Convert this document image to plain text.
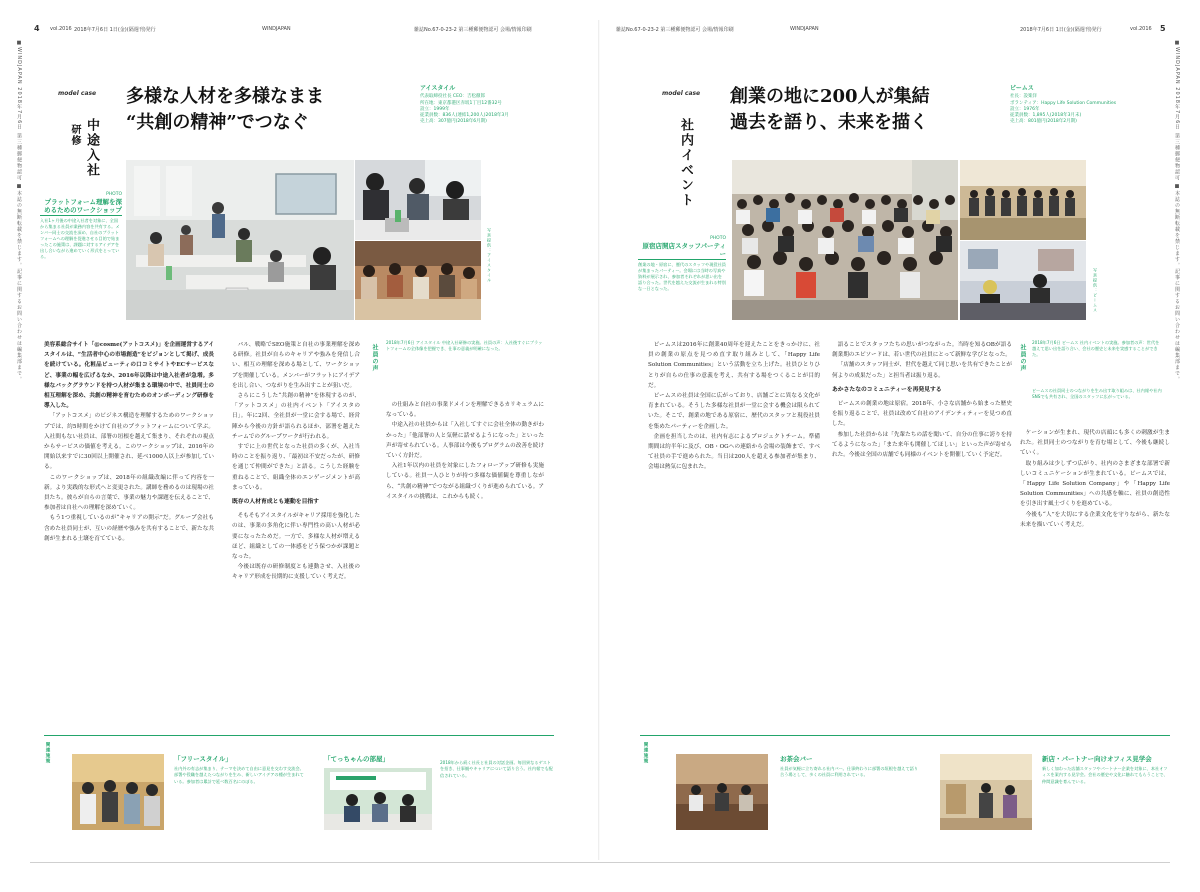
4 vol.2016 2018年7月6日 1日(金)(隔週刊)発行	WINDJAPAN	雑誌No.67-0-23-2 第三種郵便物認可 会場/情報印刷
■WINDJAPAN 2018年7月6日 第三種郵便物認可 ■本誌の無断転載を禁じます。記事に関するお問い合わせは編集部まで。	model case
中途入社
研修
多様な人材を多様なまま
“共創の精神”でつなぐ
アイスタイル
代表取締役社長 CEO：吉松徹郎
所在地：東京都港区赤坂1丁目12番32号
設立：1999年
従業員数：836人(連結1,200人)2018年3月
売上高：307億円(2018年6月期)
PHOTO
プラットフォーム理解を深めるためのワークショップ
入社1ヶ月後の中途入社者を対象に、全国から集まる社員が業務内容を共有する。メンバー同士の交流を深め、自社のプラットフォームへの理解を促進させる目的で始まったこの施策は、課題に対するアイデアを出し合いながら進めていく形式をとっている。	写真提供：アイスタイル

美容系総合サイト「@cosme(アットコスメ)」を企画運営するアイスタイルは、“生活者中心の市場創造”をビジョンとして掲げ、成長を続けている。化粧品ビューティの口コミサイトやECサービスなど、事業の幅を広げるなか、2016年以降は中途入社者が急増。多様なバックグラウンドを持つ人材が集まる環境の中で、社員同士の相互理解を深め、共創の精神を育むためのオンボーディング研修を導入した。

「アットコスメ」のビジネス構造を理解するためのワークショップでは、約5時間をかけて自社のプラットフォームについて学ぶ。入社間もない社員は、部署の垣根を越えて集まり、それぞれの視点からサービスの価値を考える。このワークショップは、2016年の開始以来すでに30回以上開催され、延べ1000人以上が参加している。

このワークショップは、2018年の組織改編に伴って内容を一新。より実践的な形式へと変更された。講師を務めるのは現場の社員たち。彼らが自らの言葉で、事業の魅力や課題を伝えることで、参加者は自社への理解を深めていく。

もう1つ重視しているのが“キャリアの開示”だ。グループ会社も含めた社員同士が、互いの経歴や強みを共有することで、新たな共創が生まれる土壌を育てている。

バル、戦略でSEO施策と自社の事業理解を深める研修。社員が自らのキャリアや強みを発信し合い、相互の理解を深める場として、ワークショップを開催している。メンバーがフラットにアイデアを出し合い、つながりを生み出すことが狙いだ。

さらにこうした“共創の精神”を体現するのが、「アットコスメ」の社内イベント「アイスタの日」。年に2回、全社員が一堂に会する場で、経営陣から今後の方針が語られるほか、部署を越えたチームでのグループワークが行われる。

すでに上の世代となった社員の多くが、入社当時のことを振り返り、「最初は不安だったが、研修を通じて仲間ができた」と語る。こうした経験を重ねることで、組織全体のエンゲージメントが高まっている。

既存の人材育成とも連動を目指す

そもそもアイスタイルがキャリア採用を強化したのは、事業の多角化に伴い専門性の高い人材が必要になったためだ。一方で、多様な人材が増えるほど、組織としての一体感をどう保つかが課題となった。

今後は既存の研修制度とも連動させ、入社後のキャリア形成を長期的に支援していく考えだ。

社員の声
2018年7月6日 アイスタイル 中途入社研修の実施。社員の声：入社後すぐにプラットフォームの全体像を把握でき、仕事の意義が明確になった。

の仕組みと自社の事業ドメインを理解できるカリキュラムになっている。

中途入社の社員からは「入社してすぐに会社全体の動きがわかった」「他部署の人と気軽に話せるようになった」といった声が寄せられている。人事部は今後もプログラムの改善を続けていく方針だ。

入社1年以内の社員を対象にしたフォローアップ研修も実施している。社員一人ひとりが持つ多様な価値観を尊重しながら、“共創の精神”でつながる組織づくりが進められている。アイスタイルの挑戦は、これからも続く。

関連施策	「フリースタイル」
社内外の有志が集まり、テーマを決めて自由に意見を交わす交流会。部署や役職を越えたつながりを生み、新しいアイデアの種が生まれている。参加者は累計で延べ数百名にのぼる。
「てっちゃんの部屋」	2018年から続く社長と社員の対話企画。毎回異なるゲストを招き、仕事観やキャリアについて語り合う。社内報でも配信されている。
雑誌No.67-0-23-2 第三種郵便物認可 会場/情報印刷	WINDJAPAN	2018年7月6日 1日(金)(隔週刊)発行	vol.2016 5
■WINDJAPAN 2018年7月6日 第三種郵便物認可 ■本誌の無断転載を禁じます。記事に関するお問い合わせは編集部まで。
model case
社内イベント
創業の地に200人が集結
過去を語り、未来を描く
ビームス
社長：設楽洋
ボランティア：Happy Life Solution Communities
設立：1976年
従業員数：1,895人(2018年3月末)
売上高：801億円(2018年2月期)
PHOTO
原宿店開店スタッフパーティー
創業の地・原宿に、歴代のスタッフや現役社員が集まったパーティー。会場には当時の写真や資料が展示され、参加者それぞれが思い出を語り合った。世代を越えた交流が生まれる特別な一日となった。	写真提供：ビームス

ビームスは2016年に創業40周年を迎えたことをきっかけに、社員の創業の原点を見つめ直す取り組みとして、「Happy Life Solution Communities」という活動を立ち上げた。社員ひとりひとりが自らの仕事の意義を考え、共有する場をつくることが目的だ。

ビームスの社員は全国に広がっており、店舗ごとに異なる文化が育まれている。そうした多様な社員が一堂に会する機会は限られていた。そこで、創業の地である原宿に、歴代のスタッフと現役社員を集めたパーティーを企画した。

企画を担当したのは、社内有志によるプロジェクトチーム。準備期間は約半年に及び、OB・OGへの連絡から会場の装飾まで、すべて社員の手で進められた。当日は200人を超える参加者が集まり、会場は熱気に包まれた。

語ることでスタッフたちの思いがつながった。当時を知るOBが語る創業期のエピソードは、若い世代の社員にとって新鮮な学びとなった。

「店舗のスタッフ同士が、世代を越えて同じ思いを共有できたことが何よりの成果だった」と担当者は振り返る。

あかさたなのコミュニティーを再発見する

ビームスの創業の地は原宿。2018年、小さな店舗から始まった歴史を振り返ることで、社員は改めて自社のアイデンティティーを見つめ直した。

参加した社員からは「先輩たちの話を聞いて、自分の仕事に誇りを持てるようになった」「また来年も開催してほしい」といった声が寄せられた。今後は全国の店舗でも同様のイベントを開催していく予定だ。

社員の声
2018年7月6日 ビームス 社内イベントの実施。参加者の声：世代を越えて思い出を語り合い、会社の歴史と未来を実感することができた。
ビームスの社員同士のつながりを生み出す取り組みは、社内報や社内SNSでも共有され、全国のスタッフに広がっている。

ケーションが生まれ、現代の店頭にも多くの刺激が生まれた。社員同士のつながりを育む場として、今後も継続していく。

取り組みは少しずつ広がり、社内のさまざまな部署で新しいコミュニケーションが生まれている。ビームスでは、「Happy Life Solution Company」や「Happy Life Solution Communities」への共感を軸に、社員の創造性を引き出す風土づくりを進めている。

今後も“人”を大切にする企業文化を守りながら、新たな未来を描いていく考えだ。

関連施策	お茶会バー
社員が気軽に立ち寄れる社内バー。仕事終わりに部署の垣根を越えて語り合う場として、多くの社員に利用されている。
新店・パートナー向けオフィス見学会
新しく加わった店舗スタッフやパートナー企業を対象に、本社オフィスを案内する見学会。会社の歴史や文化に触れてもらうことで、仲間意識を育んでいる。
